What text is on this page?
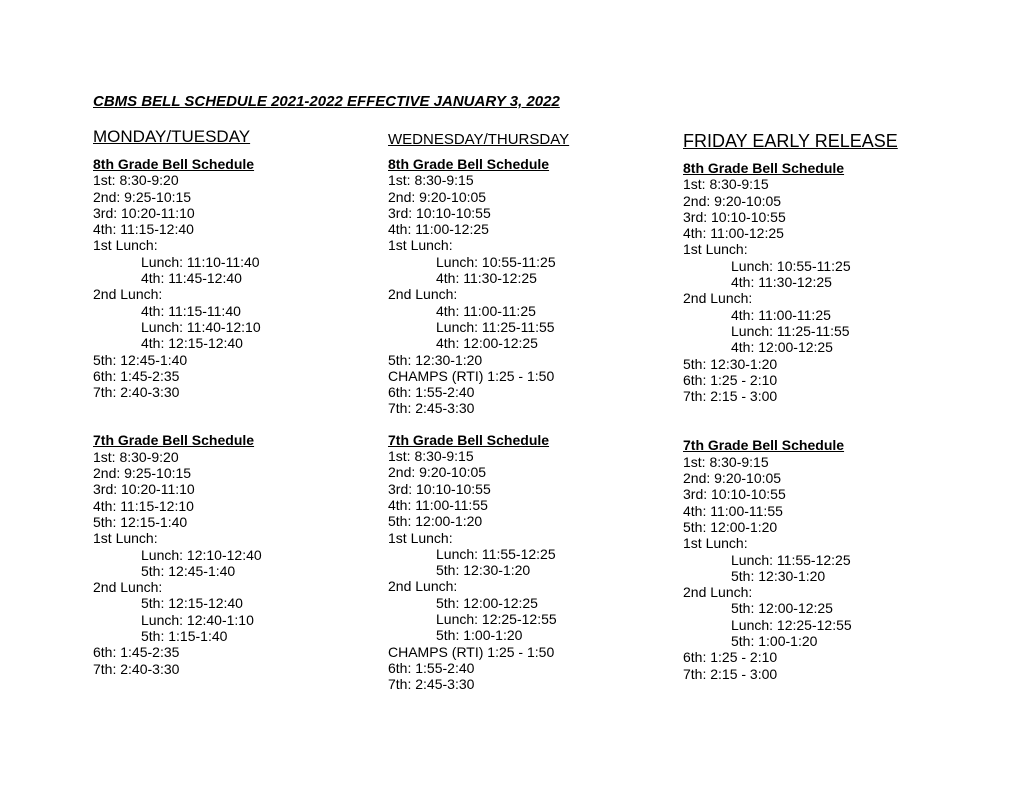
CBMS BELL SCHEDULE 2021-2022 EFFECTIVE JANUARY 3, 2022
MONDAY/TUESDAY
8th Grade Bell Schedule
1st: 8:30-9:20
2nd: 9:25-10:15
3rd: 10:20-11:10
4th: 11:15-12:40
1st Lunch:
Lunch: 11:10-11:40
4th: 11:45-12:40
2nd Lunch:
4th: 11:15-11:40
Lunch: 11:40-12:10
4th: 12:15-12:40
5th: 12:45-1:40
6th: 1:45-2:35
7th: 2:40-3:30
7th Grade Bell Schedule
1st: 8:30-9:20
2nd: 9:25-10:15
3rd: 10:20-11:10
4th: 11:15-12:10
5th: 12:15-1:40
1st Lunch:
Lunch: 12:10-12:40
5th: 12:45-1:40
2nd Lunch:
5th: 12:15-12:40
Lunch: 12:40-1:10
5th: 1:15-1:40
6th: 1:45-2:35
7th: 2:40-3:30
WEDNESDAY/THURSDAY
8th Grade Bell Schedule
1st: 8:30-9:15
2nd: 9:20-10:05
3rd: 10:10-10:55
4th: 11:00-12:25
1st Lunch:
Lunch: 10:55-11:25
4th: 11:30-12:25
2nd Lunch:
4th: 11:00-11:25
Lunch: 11:25-11:55
4th: 12:00-12:25
5th: 12:30-1:20
CHAMPS (RTI) 1:25 - 1:50
6th: 1:55-2:40
7th: 2:45-3:30
7th Grade Bell Schedule
1st: 8:30-9:15
2nd: 9:20-10:05
3rd: 10:10-10:55
4th: 11:00-11:55
5th: 12:00-1:20
1st Lunch:
Lunch: 11:55-12:25
5th: 12:30-1:20
2nd Lunch:
5th: 12:00-12:25
Lunch: 12:25-12:55
5th: 1:00-1:20
CHAMPS (RTI) 1:25 - 1:50
6th: 1:55-2:40
7th: 2:45-3:30
FRIDAY EARLY RELEASE
8th Grade Bell Schedule
1st: 8:30-9:15
2nd: 9:20-10:05
3rd: 10:10-10:55
4th: 11:00-12:25
1st Lunch:
Lunch: 10:55-11:25
4th: 11:30-12:25
2nd Lunch:
4th: 11:00-11:25
Lunch: 11:25-11:55
4th: 12:00-12:25
5th: 12:30-1:20
6th: 1:25 - 2:10
7th: 2:15 - 3:00
7th Grade Bell Schedule
1st: 8:30-9:15
2nd: 9:20-10:05
3rd: 10:10-10:55
4th: 11:00-11:55
5th: 12:00-1:20
1st Lunch:
Lunch: 11:55-12:25
5th: 12:30-1:20
2nd Lunch:
5th: 12:00-12:25
Lunch: 12:25-12:55
5th: 1:00-1:20
6th: 1:25 - 2:10
7th: 2:15 - 3:00
